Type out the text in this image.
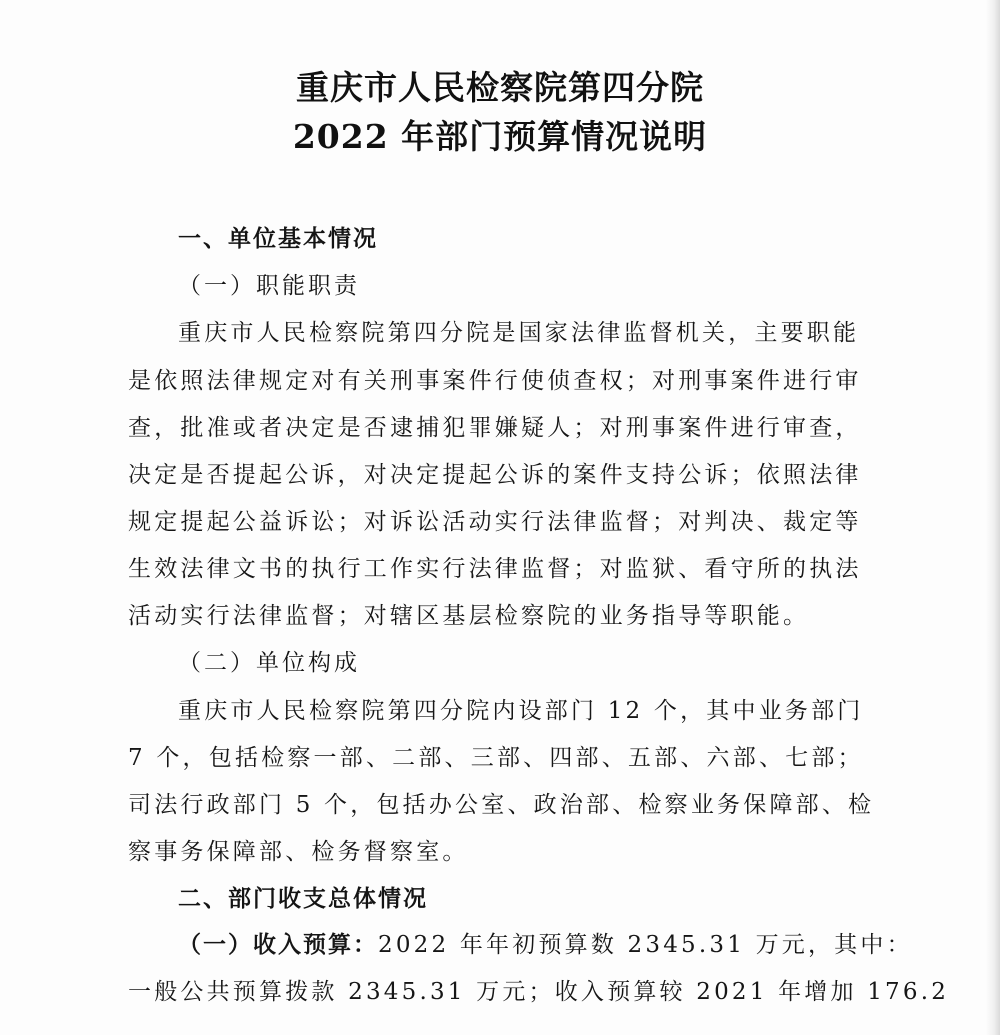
重庆市人民检察院第四分院
2022 年部门预算情况说明
一、单位基本情况
（一）职能职责
重庆市人民检察院第四分院是国家法律监督机关，主要职能
是依照法律规定对有关刑事案件行使侦查权；对刑事案件进行审
查，批准或者决定是否逮捕犯罪嫌疑人；对刑事案件进行审查，
决定是否提起公诉，对决定提起公诉的案件支持公诉；依照法律
规定提起公益诉讼；对诉讼活动实行法律监督；对判决、裁定等
生效法律文书的执行工作实行法律监督；对监狱、看守所的执法
活动实行法律监督；对辖区基层检察院的业务指导等职能。
（二）单位构成
重庆市人民检察院第四分院内设部门 12 个，其中业务部门
7 个，包括检察一部、二部、三部、四部、五部、六部、七部；
司法行政部门 5 个，包括办公室、政治部、检察业务保障部、检
察事务保障部、检务督察室。
二、部门收支总体情况
（一）收入预算：2022 年年初预算数 2345.31 万元，其中：
一般公共预算拨款 2345.31 万元；收入预算较 2021 年增加 176.2
